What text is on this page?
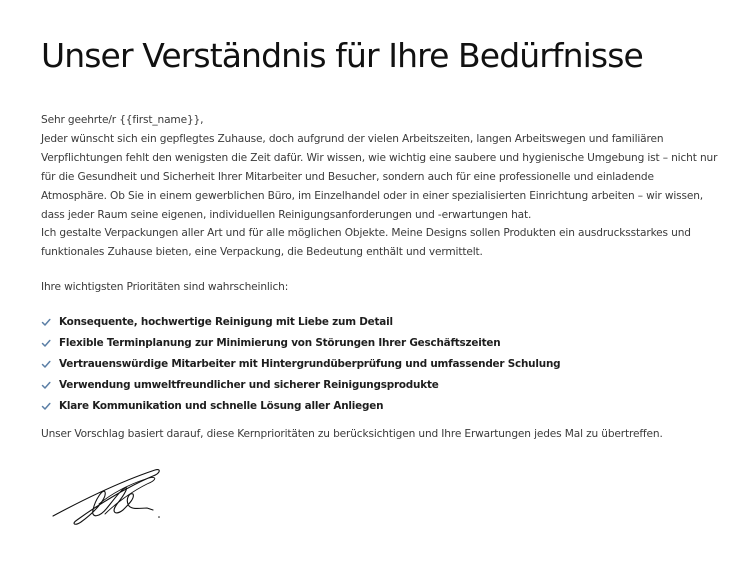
Unser Verständnis für Ihre Bedürfnisse

Sehr geehrte/r {{first_name}},

Jeder wünscht sich ein gepflegtes Zuhause, doch aufgrund der vielen Arbeitszeiten, langen Arbeitswegen und familiären Verpflichtungen fehlt den wenigsten die Zeit dafür. Wir wissen, wie wichtig eine saubere und hygienische Umgebung ist – nicht nur für die Gesundheit und Sicherheit Ihrer Mitarbeiter und Besucher, sondern auch für eine professionelle und einladende Atmosphäre. Ob Sie in einem gewerblichen Büro, im Einzelhandel oder in einer spezialisierten Einrichtung arbeiten – wir wissen, dass jeder Raum seine eigenen, individuellen Reinigungsanforderungen und -erwartungen hat.

Ich gestalte Verpackungen aller Art und für alle möglichen Objekte. Meine Designs sollen Produkten ein ausdrucksstarkes und funktionales Zuhause bieten, eine Verpackung, die Bedeutung enthält und vermittelt.

Ihre wichtigsten Prioritäten sind wahrscheinlich:
Konsequente, hochwertige Reinigung mit Liebe zum Detail
Flexible Terminplanung zur Minimierung von Störungen Ihrer Geschäftszeiten
Vertrauenswürdige Mitarbeiter mit Hintergrundüberprüfung und umfassender Schulung
Verwendung umweltfreundlicher und sicherer Reinigungsprodukte
Klare Kommunikation und schnelle Lösung aller Anliegen
Unser Vorschlag basiert darauf, diese Kernprioritäten zu berücksichtigen und Ihre Erwartungen jedes Mal zu übertreffen.
